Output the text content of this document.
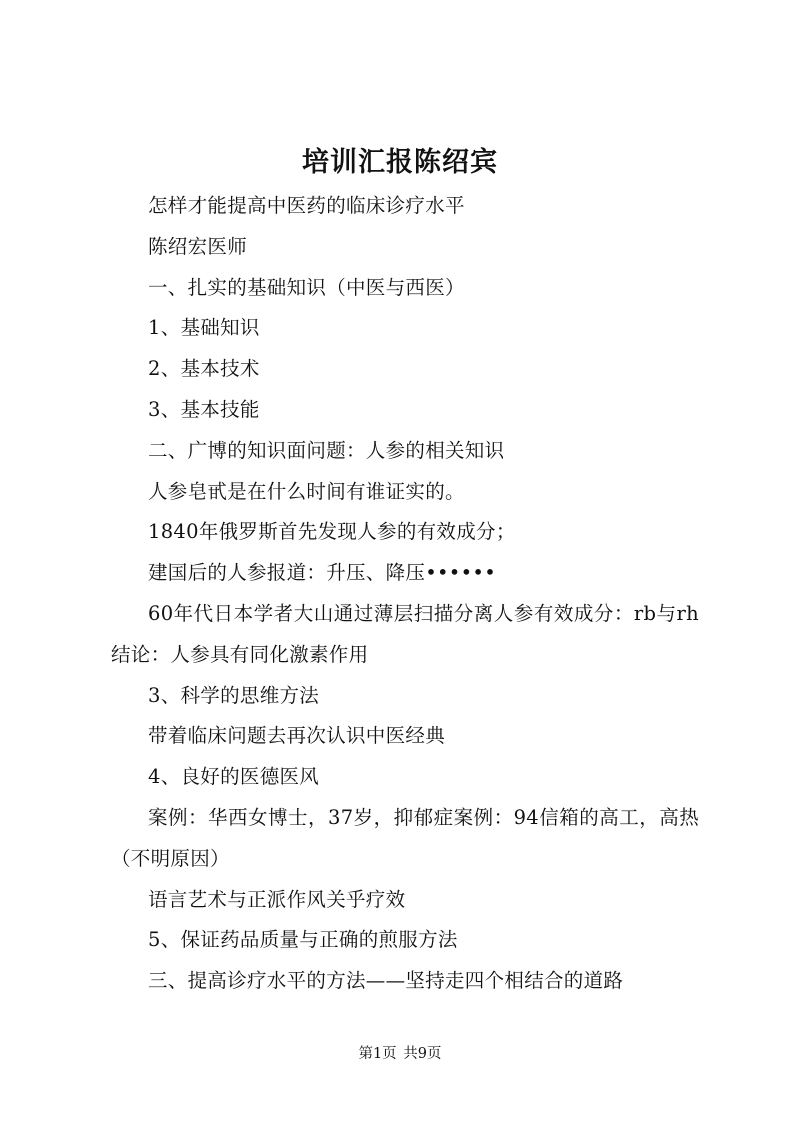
培训汇报陈绍宾

怎样才能提高中医药的临床诊疗水平

陈绍宏医师

一、扎实的基础知识（中医与西医）

1、基础知识

2、基本技术

3、基本技能

二、广博的知识面问题：人参的相关知识

人参皂甙是在什么时间有谁证实的。

1840年俄罗斯首先发现人参的有效成分；

建国后的人参报道：升压、降压••••••

60年代日本学者大山通过薄层扫描分离人参有效成分：rb与rh结论：人参具有同化激素作用

3、科学的思维方法

带着临床问题去再次认识中医经典

4、良好的医德医风

案例：华西女博士，37岁，抑郁症案例：94信箱的高工，高热（不明原因）

语言艺术与正派作风关乎疗效

5、保证药品质量与正确的煎服方法

三、提高诊疗水平的方法——坚持走四个相结合的道路

第1页 共9页
